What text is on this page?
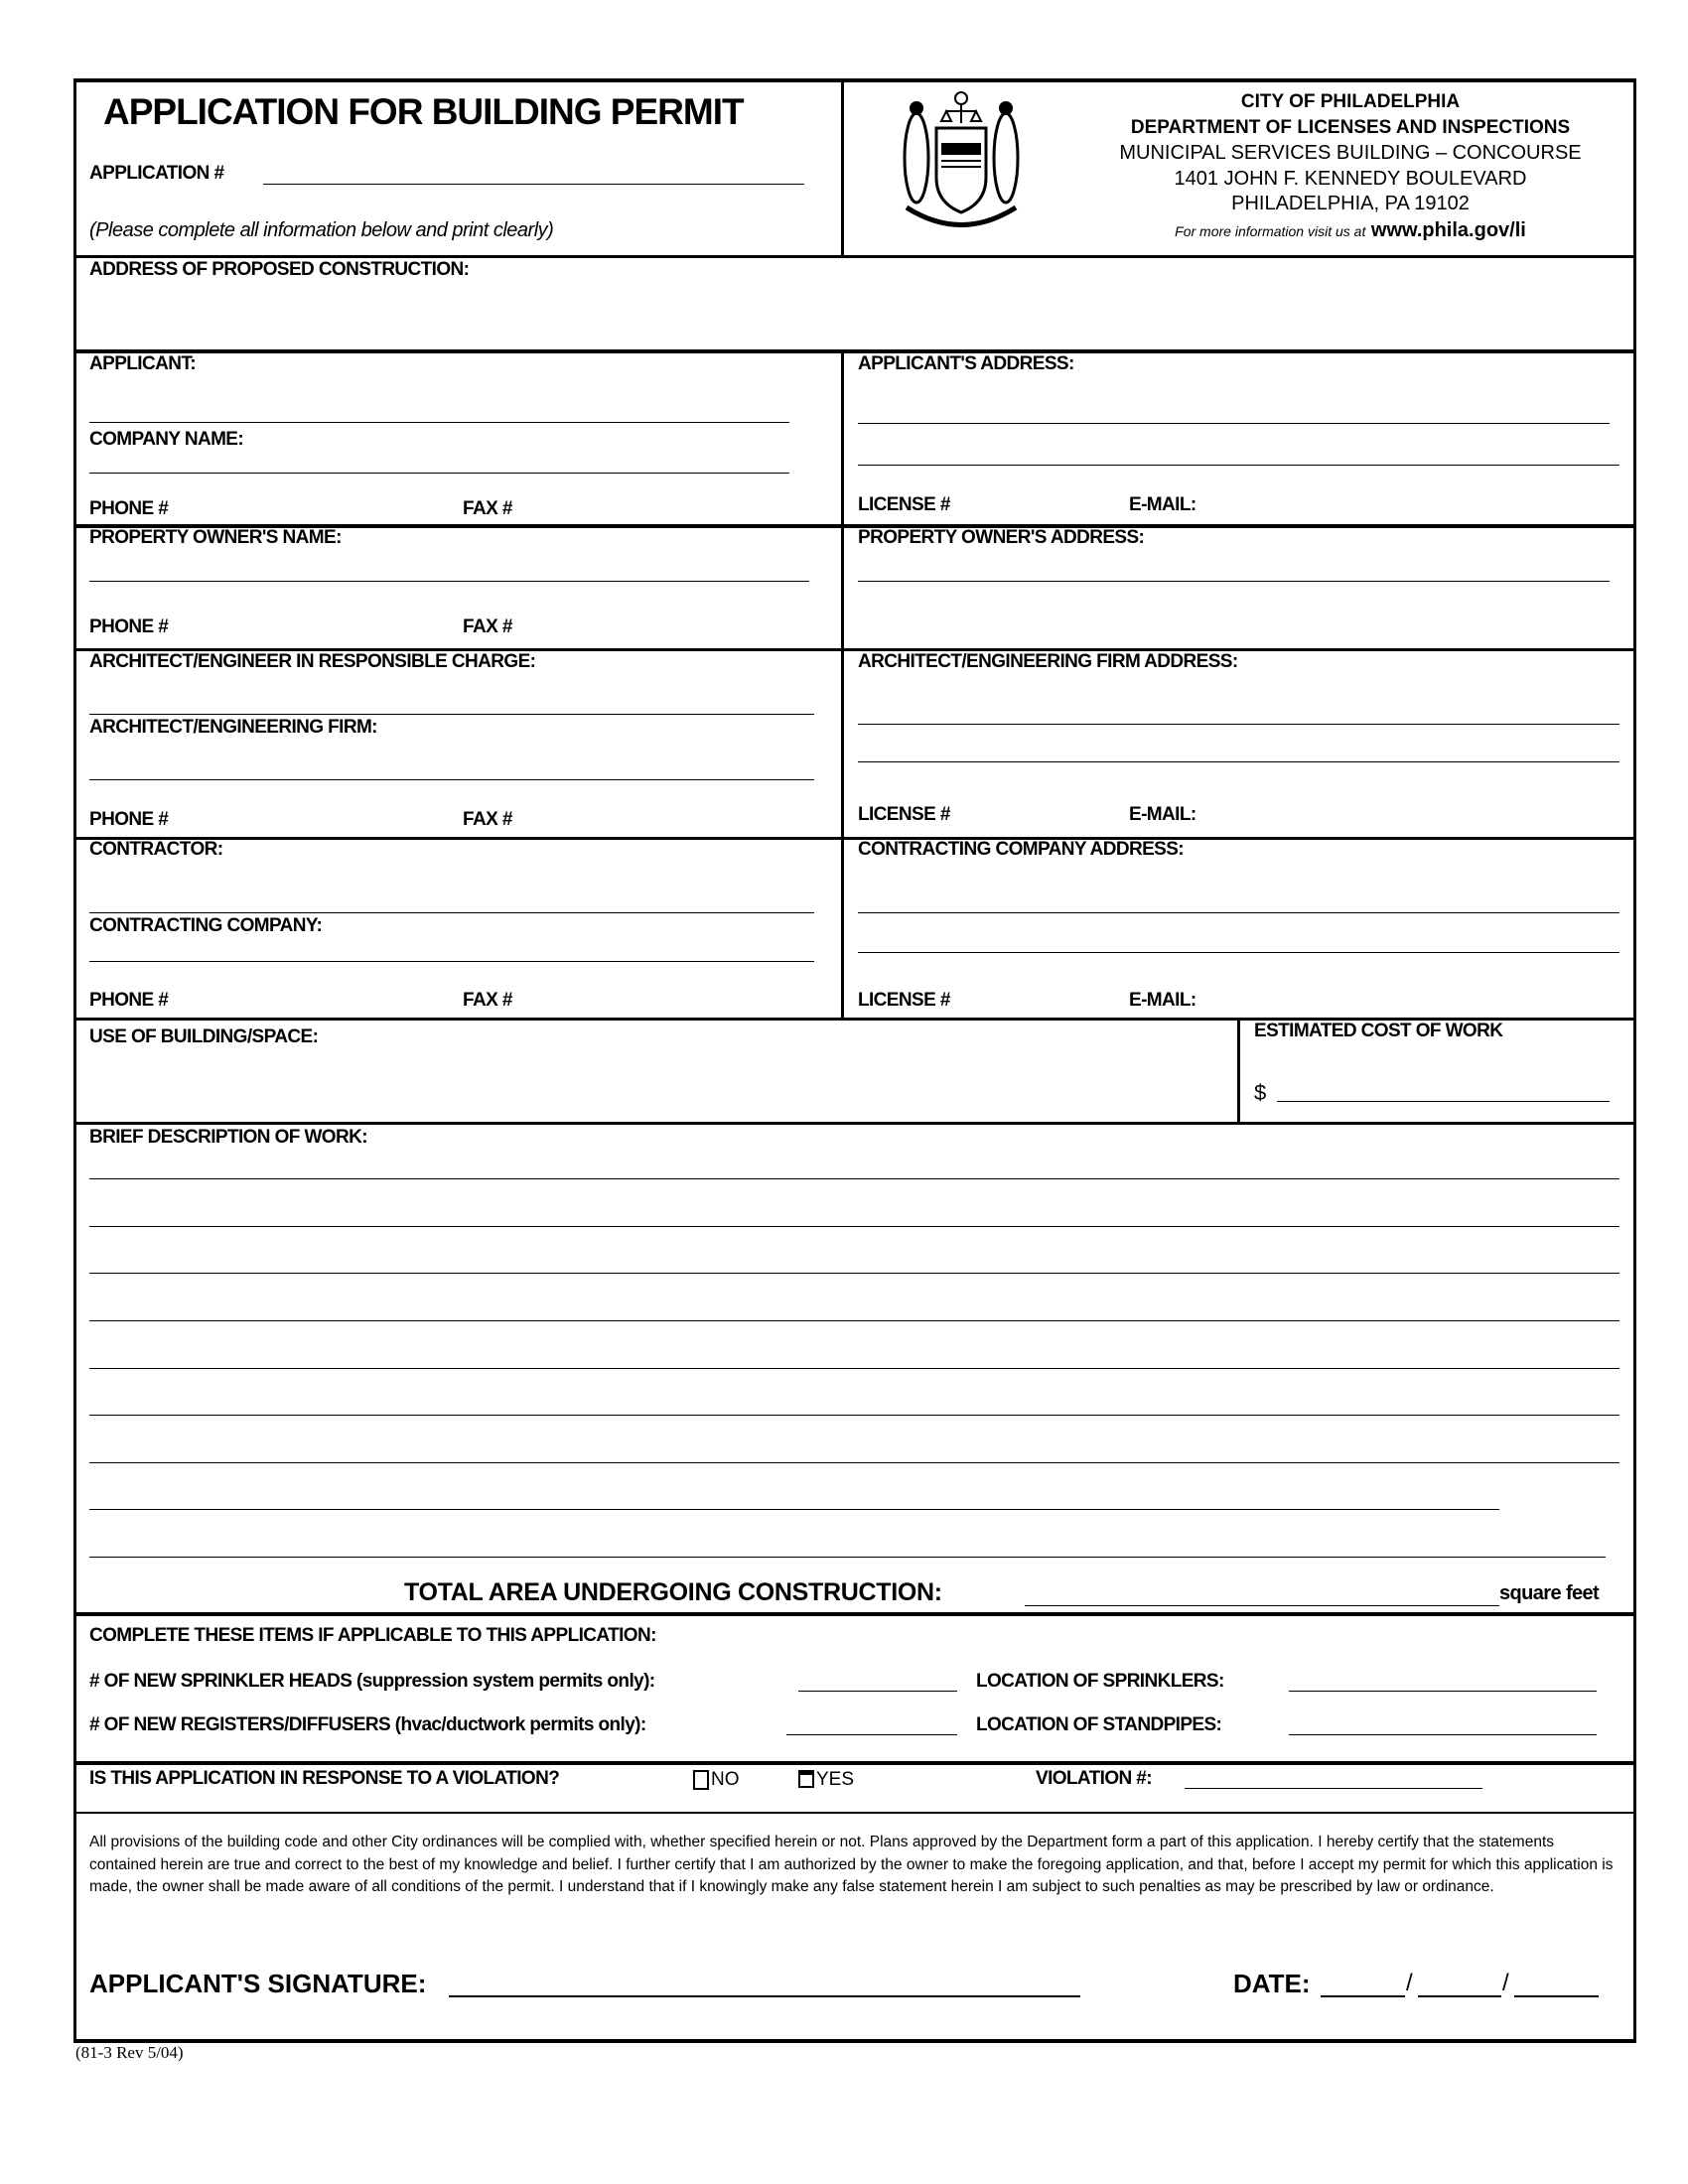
APPLICATION FOR BUILDING PERMIT
APPLICATION #
(Please complete all information below and print clearly)
CITY OF PHILADELPHIA
DEPARTMENT OF LICENSES AND INSPECTIONS
MUNICIPAL SERVICES BUILDING – CONCOURSE
1401 JOHN F. KENNEDY BOULEVARD
PHILADELPHIA, PA 19102
For more information visit us at www.phila.gov/li
ADDRESS OF PROPOSED CONSTRUCTION:
APPLICANT:
COMPANY NAME:
PHONE #	FAX #
APPLICANT'S ADDRESS:
LICENSE #	E-MAIL:
PROPERTY OWNER'S NAME:
PHONE #	FAX #
PROPERTY OWNER'S ADDRESS:
ARCHITECT/ENGINEER IN RESPONSIBLE CHARGE:
ARCHITECT/ENGINEERING FIRM:
PHONE #	FAX #
ARCHITECT/ENGINEERING FIRM ADDRESS:
LICENSE #	E-MAIL:
CONTRACTOR:
CONTRACTING COMPANY:
PHONE #	FAX #
CONTRACTING COMPANY ADDRESS:
LICENSE #	E-MAIL:
USE OF BUILDING/SPACE:	ESTIMATED COST OF WORK
$
BRIEF DESCRIPTION OF WORK:
TOTAL AREA UNDERGOING CONSTRUCTION:	square feet
COMPLETE THESE ITEMS IF APPLICABLE TO THIS APPLICATION:
# OF NEW SPRINKLER HEADS (suppression system permits only):	LOCATION OF SPRINKLERS:
# OF NEW REGISTERS/DIFFUSERS (hvac/ductwork permits only):	LOCATION OF STANDPIPES:
IS THIS APPLICATION IN RESPONSE TO A VIOLATION?	NO	YES	VIOLATION #:
All provisions of the building code and other City ordinances will be complied with, whether specified herein or not. Plans approved by the Department form a part of this application. I hereby certify that the statements contained herein are true and correct to the best of my knowledge and belief. I further certify that I am authorized by the owner to make the foregoing application, and that, before I accept my permit for which this application is made, the owner shall be made aware of all conditions of the permit. I understand that if I knowingly make any false statement herein I am subject to such penalties as may be prescribed by law or ordinance.
APPLICANT'S SIGNATURE:	DATE:	/	/
(81-3 Rev 5/04)
